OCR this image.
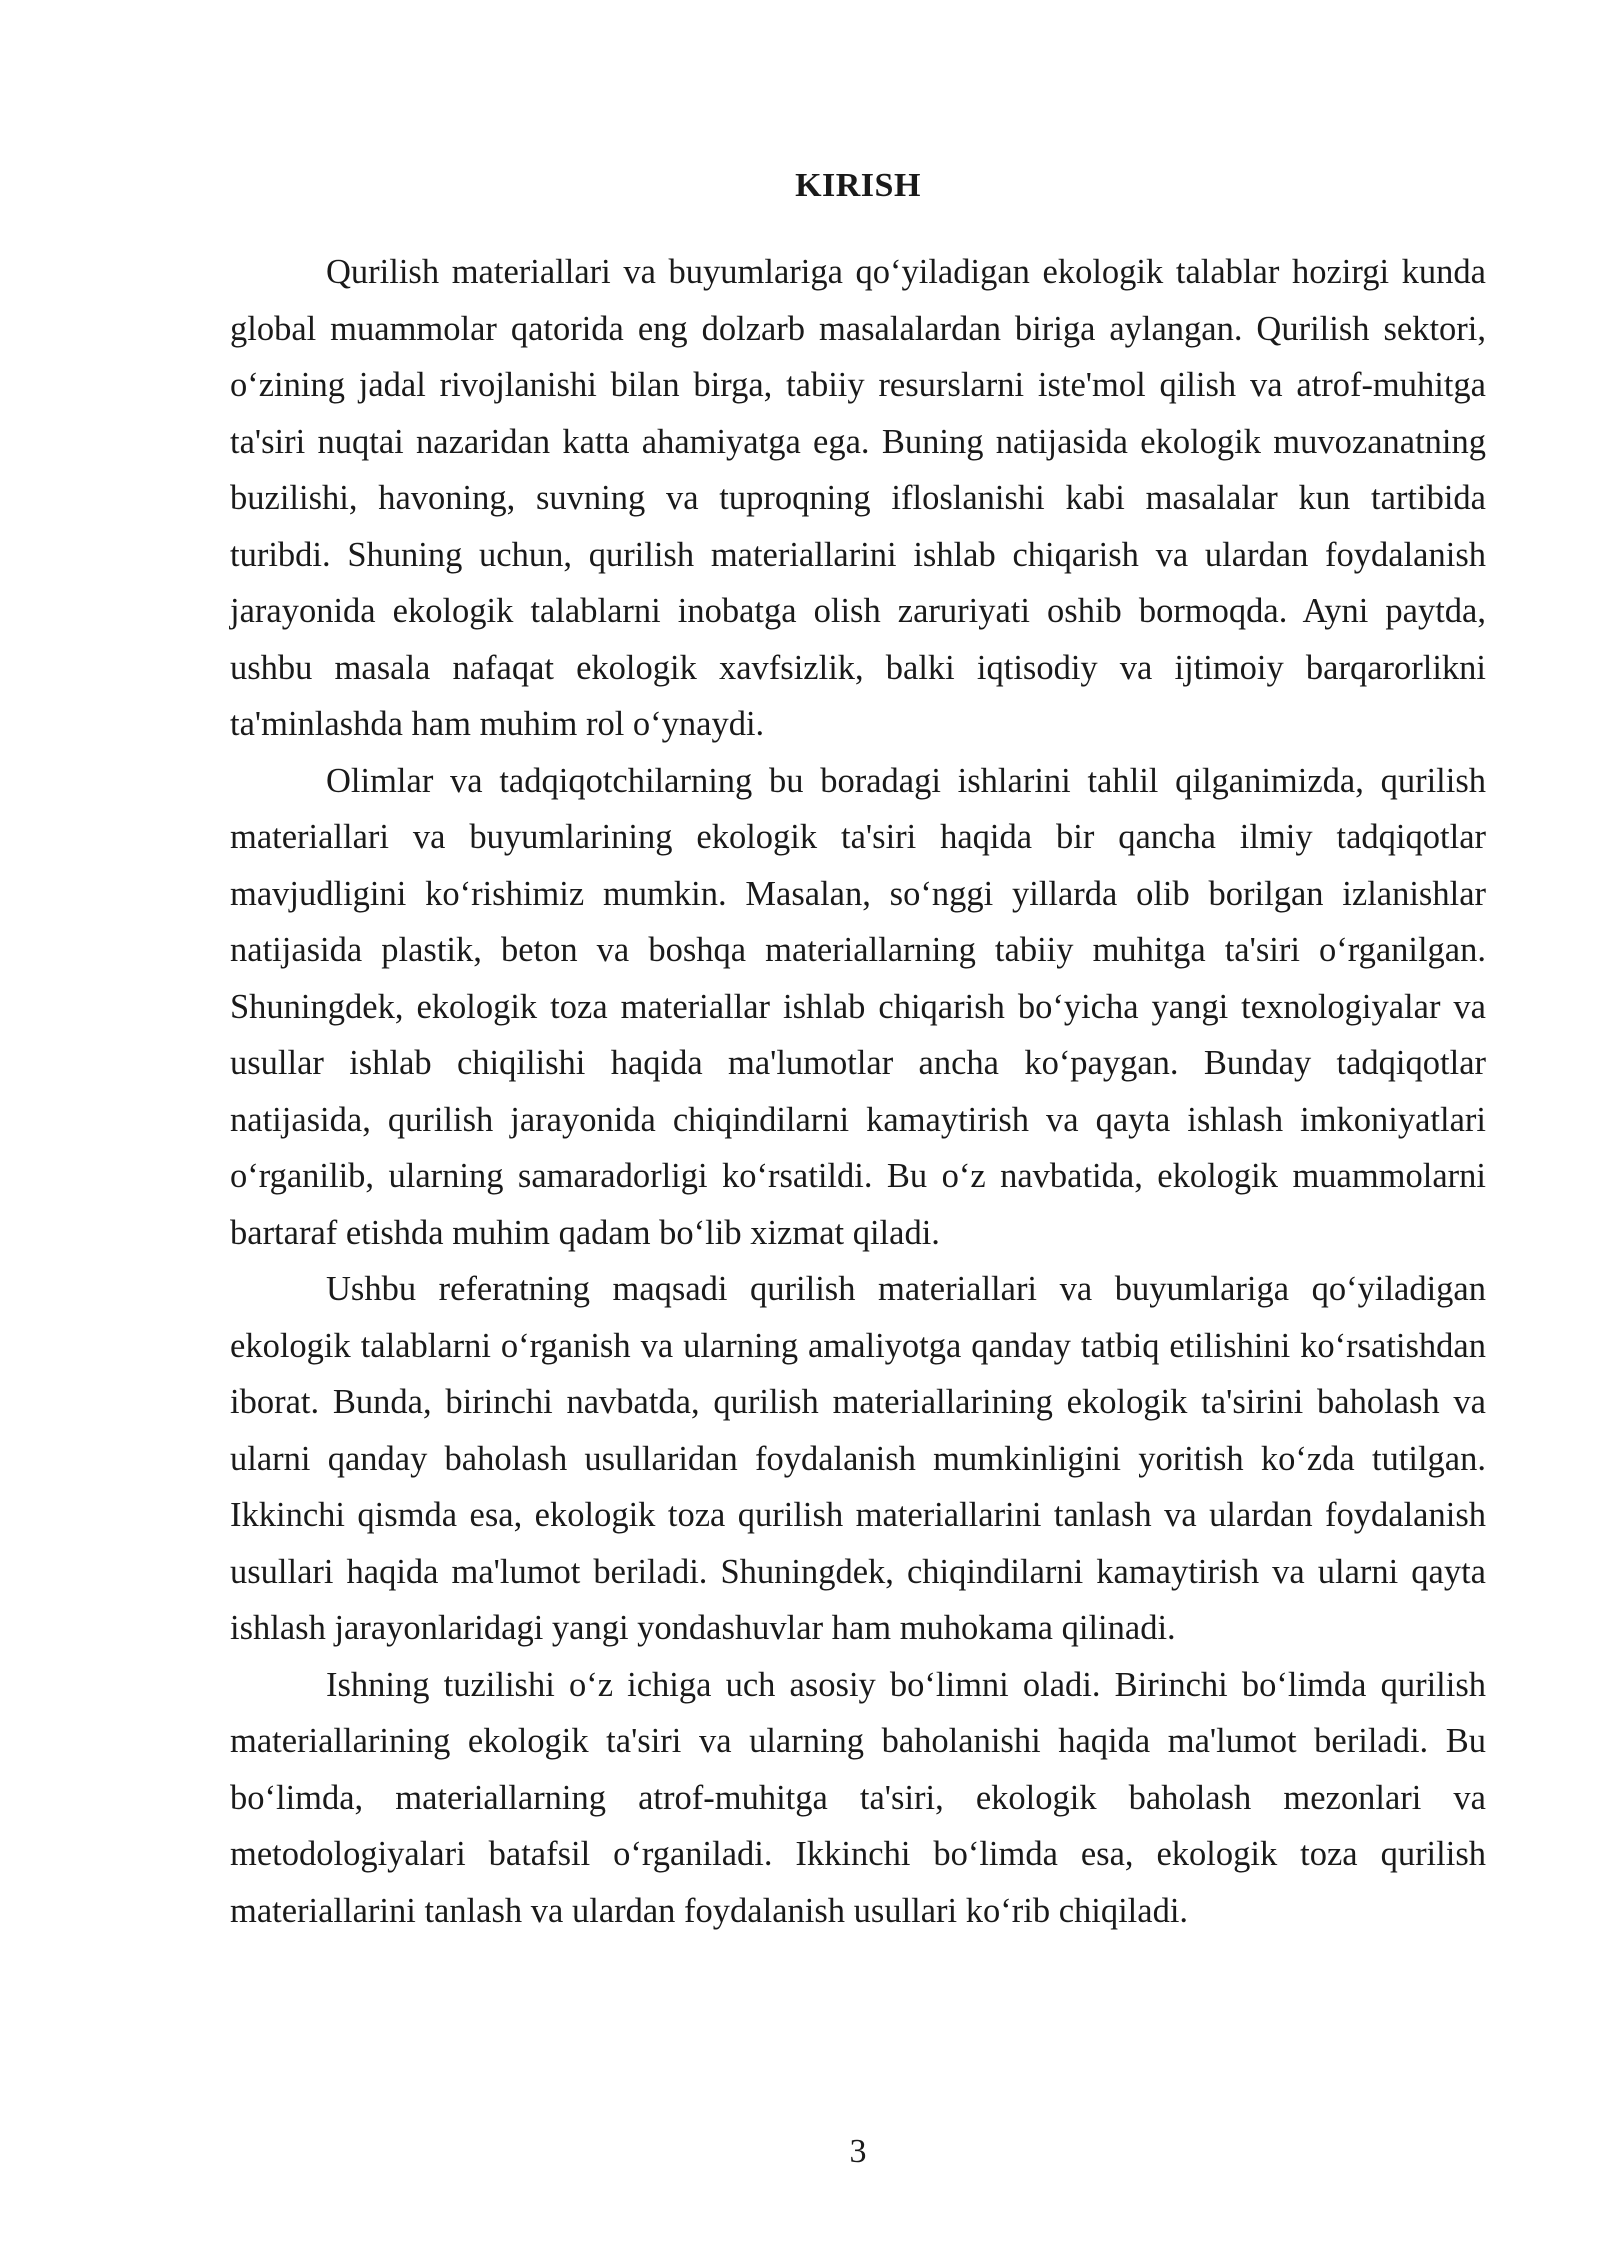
KIRISH

Qurilish materiallari va buyumlariga qo‘yiladigan ekologik talablar hozirgi kunda global muammolar qatorida eng dolzarb masalalardan biriga aylangan. Qurilish sektori, o‘zining jadal rivojlanishi bilan birga, tabiiy resurslarni iste'mol qilish va atrof-muhitga ta'siri nuqtai nazaridan katta ahamiyatga ega. Buning natijasida ekologik muvozanatning buzilishi, havoning, suvning va tuproqning ifloslanishi kabi masalalar kun tartibida turibdi. Shuning uchun, qurilish materiallarini ishlab chiqarish va ulardan foydalanish jarayonida ekologik talablarni inobatga olish zaruriyati oshib bormoqda. Ayni paytda, ushbu masala nafaqat ekologik xavfsizlik, balki iqtisodiy va ijtimoiy barqarorlikni ta'minlashda ham muhim rol o‘ynaydi.

Olimlar va tadqiqotchilarning bu boradagi ishlarini tahlil qilganimizda, qurilish materiallari va buyumlarining ekologik ta'siri haqida bir qancha ilmiy tadqiqotlar mavjudligini ko‘rishimiz mumkin. Masalan, so‘nggi yillarda olib borilgan izlanishlar natijasida plastik, beton va boshqa materiallarning tabiiy muhitga ta'siri o‘rganilgan. Shuningdek, ekologik toza materiallar ishlab chiqarish bo‘yicha yangi texnologiyalar va usullar ishlab chiqilishi haqida ma'lumotlar ancha ko‘paygan. Bunday tadqiqotlar natijasida, qurilish jarayonida chiqindilarni kamaytirish va qayta ishlash imkoniyatlari o‘rganilib, ularning samaradorligi ko‘rsatildi. Bu o‘z navbatida, ekologik muammolarni bartaraf etishda muhim qadam bo‘lib xizmat qiladi.

Ushbu referatning maqsadi qurilish materiallari va buyumlariga qo‘yiladigan ekologik talablarni o‘rganish va ularning amaliyotga qanday tatbiq etilishini ko‘rsatishdan iborat. Bunda, birinchi navbatda, qurilish materiallarining ekologik ta'sirini baholash va ularni qanday baholash usullaridan foydalanish mumkinligini yoritish ko‘zda tutilgan. Ikkinchi qismda esa, ekologik toza qurilish materiallarini tanlash va ulardan foydalanish usullari haqida ma'lumot beriladi. Shuningdek, chiqindilarni kamaytirish va ularni qayta ishlash jarayonlaridagi yangi yondashuvlar ham muhokama qilinadi.

Ishning tuzilishi o‘z ichiga uch asosiy bo‘limni oladi. Birinchi bo‘limda qurilish materiallarining ekologik ta'siri va ularning baholanishi haqida ma'lumot beriladi. Bu bo‘limda, materiallarning atrof-muhitga ta'siri, ekologik baholash mezonlari va metodologiyalari batafsil o‘rganiladi. Ikkinchi bo‘limda esa, ekologik toza qurilish materiallarini tanlash va ulardan foydalanish usullari ko‘rib chiqiladi.

3
